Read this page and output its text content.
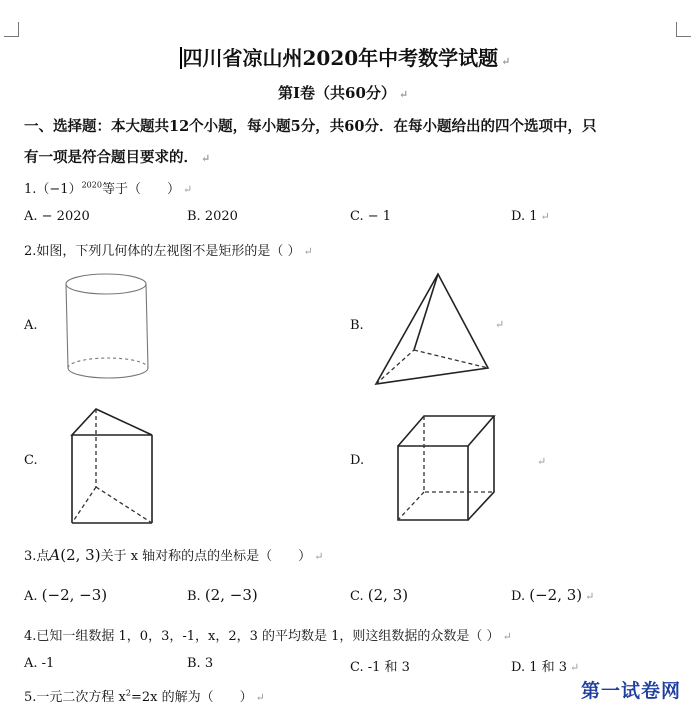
四川省凉山州2020年中考数学试题 ↵
第Ⅰ卷（共60分） ↵
一、选择题：本大题共12个小题，每小题5分，共60分．在每小题给出的四个选项中，只
有一项是符合题目要求的． ↵
$1.(-1)^{2020}$等于（　　） ↵
A. − 2020	B. 2020	C. − 1	D. 1 ↵
2.如图，下列几何体的左视图不是矩形的是（ ） ↵
A.	B.	↵
C.	D.	↵
3.点A(2, 3)关于 x 轴对称的点的坐标是（　　） ↵
A. (−2, −3)	B. (2, −3)	C. (2, 3)	D. (−2, 3) ↵
4.已知一组数据 1，0，3，-1，x，2，3 的平均数是 1，则这组数据的众数是（ ） ↵
A. -1	B. 3	C. -1 和 3	D. 1 和 3 ↵
5.一元二次方程 $x^2=2x$ 的解为（　　） ↵	第一试卷网
